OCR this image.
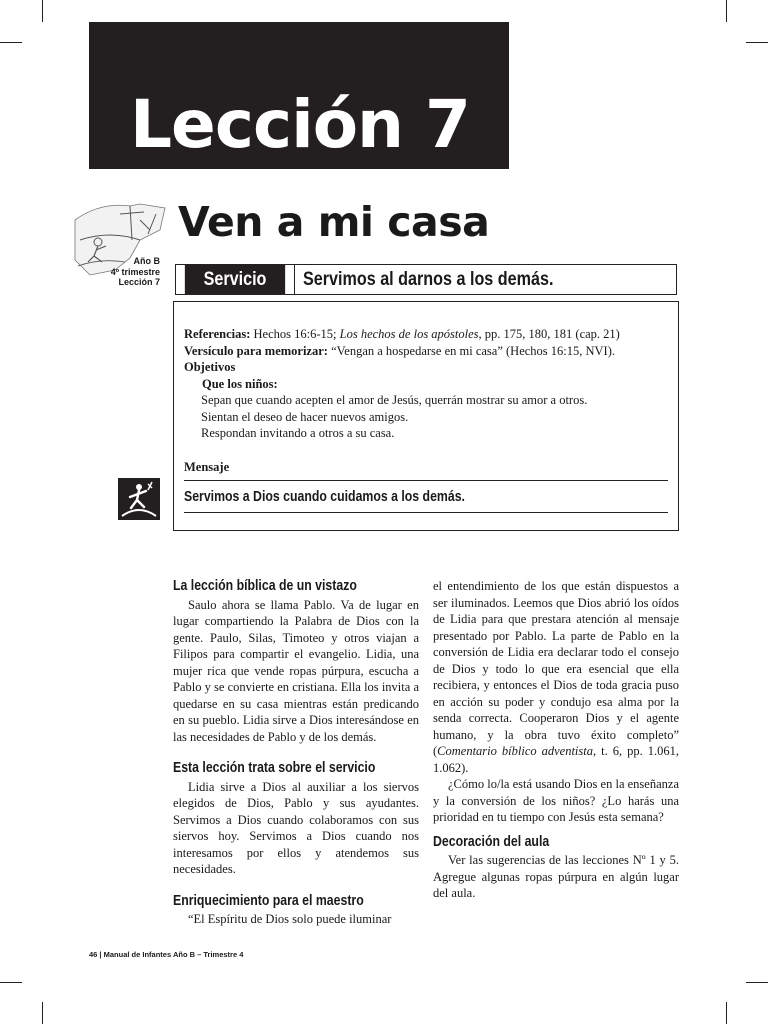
Lección 7
Año B
4º trimestre
Lección 7
Ven a mi casa
Servicio	Servimos al darnos a los demás.
Referencias: Hechos 16:6-15; Los hechos de los apóstoles, pp. 175, 180, 181 (cap. 21)
Versículo para memorizar: “Vengan a hospedarse en mi casa” (Hechos 16:15, NVI).
Objetivos
Que los niños:
Sepan que cuando acepten el amor de Jesús, querrán mostrar su amor a otros.
Sientan el deseo de hacer nuevos amigos.
Respondan invitando a otros a su casa.
Mensaje
Servimos a Dios cuando cuidamos a los demás.
La lección bíblica de un vistazo

Saulo ahora se llama Pablo. Va de lugar en lugar compartiendo la Palabra de Dios con la gente. Paulo, Silas, Timoteo y otros viajan a Filipos para compartir el evangelio. Lidia, una mujer rica que vende ropas púrpura, escucha a Pablo y se convierte en cristiana. Ella los invita a quedarse en su casa mientras están predicando en su pueblo. Lidia sirve a Dios interesándose en las necesidades de Pablo y de los demás.

Esta lección trata sobre el servicio

Lidia sirve a Dios al auxiliar a los siervos elegidos de Dios, Pablo y sus ayudantes. Servimos a Dios cuando colaboramos con sus siervos hoy. Servimos a Dios cuando nos interesamos por ellos y atendemos sus necesidades.

Enriquecimiento para el maestro

“El Espíritu de Dios solo puede iluminar

el entendimiento de los que están dispuestos a ser iluminados. Leemos que Dios abrió los oídos de Lidia para que prestara atención al mensaje presentado por Pablo. La parte de Pablo en la conversión de Lidia era declarar todo el consejo de Dios y todo lo que era esencial que ella recibiera, y entonces el Dios de toda gracia puso en acción su poder y condujo esa alma por la senda correcta. Cooperaron Dios y el agente humano, y la obra tuvo éxito completo” (Comentario bíblico adventista, t. 6, pp. 1.061, 1.062).

¿Cómo lo/la está usando Dios en la enseñanza y la conversión de los niños? ¿Lo harás una prioridad en tu tiempo con Jesús esta semana?

Decoración del aula

Ver las sugerencias de las lecciones Nº 1 y 5. Agregue algunas ropas púrpura en algún lugar del aula.

46 | Manual de Infantes Año B – Trimestre 4
